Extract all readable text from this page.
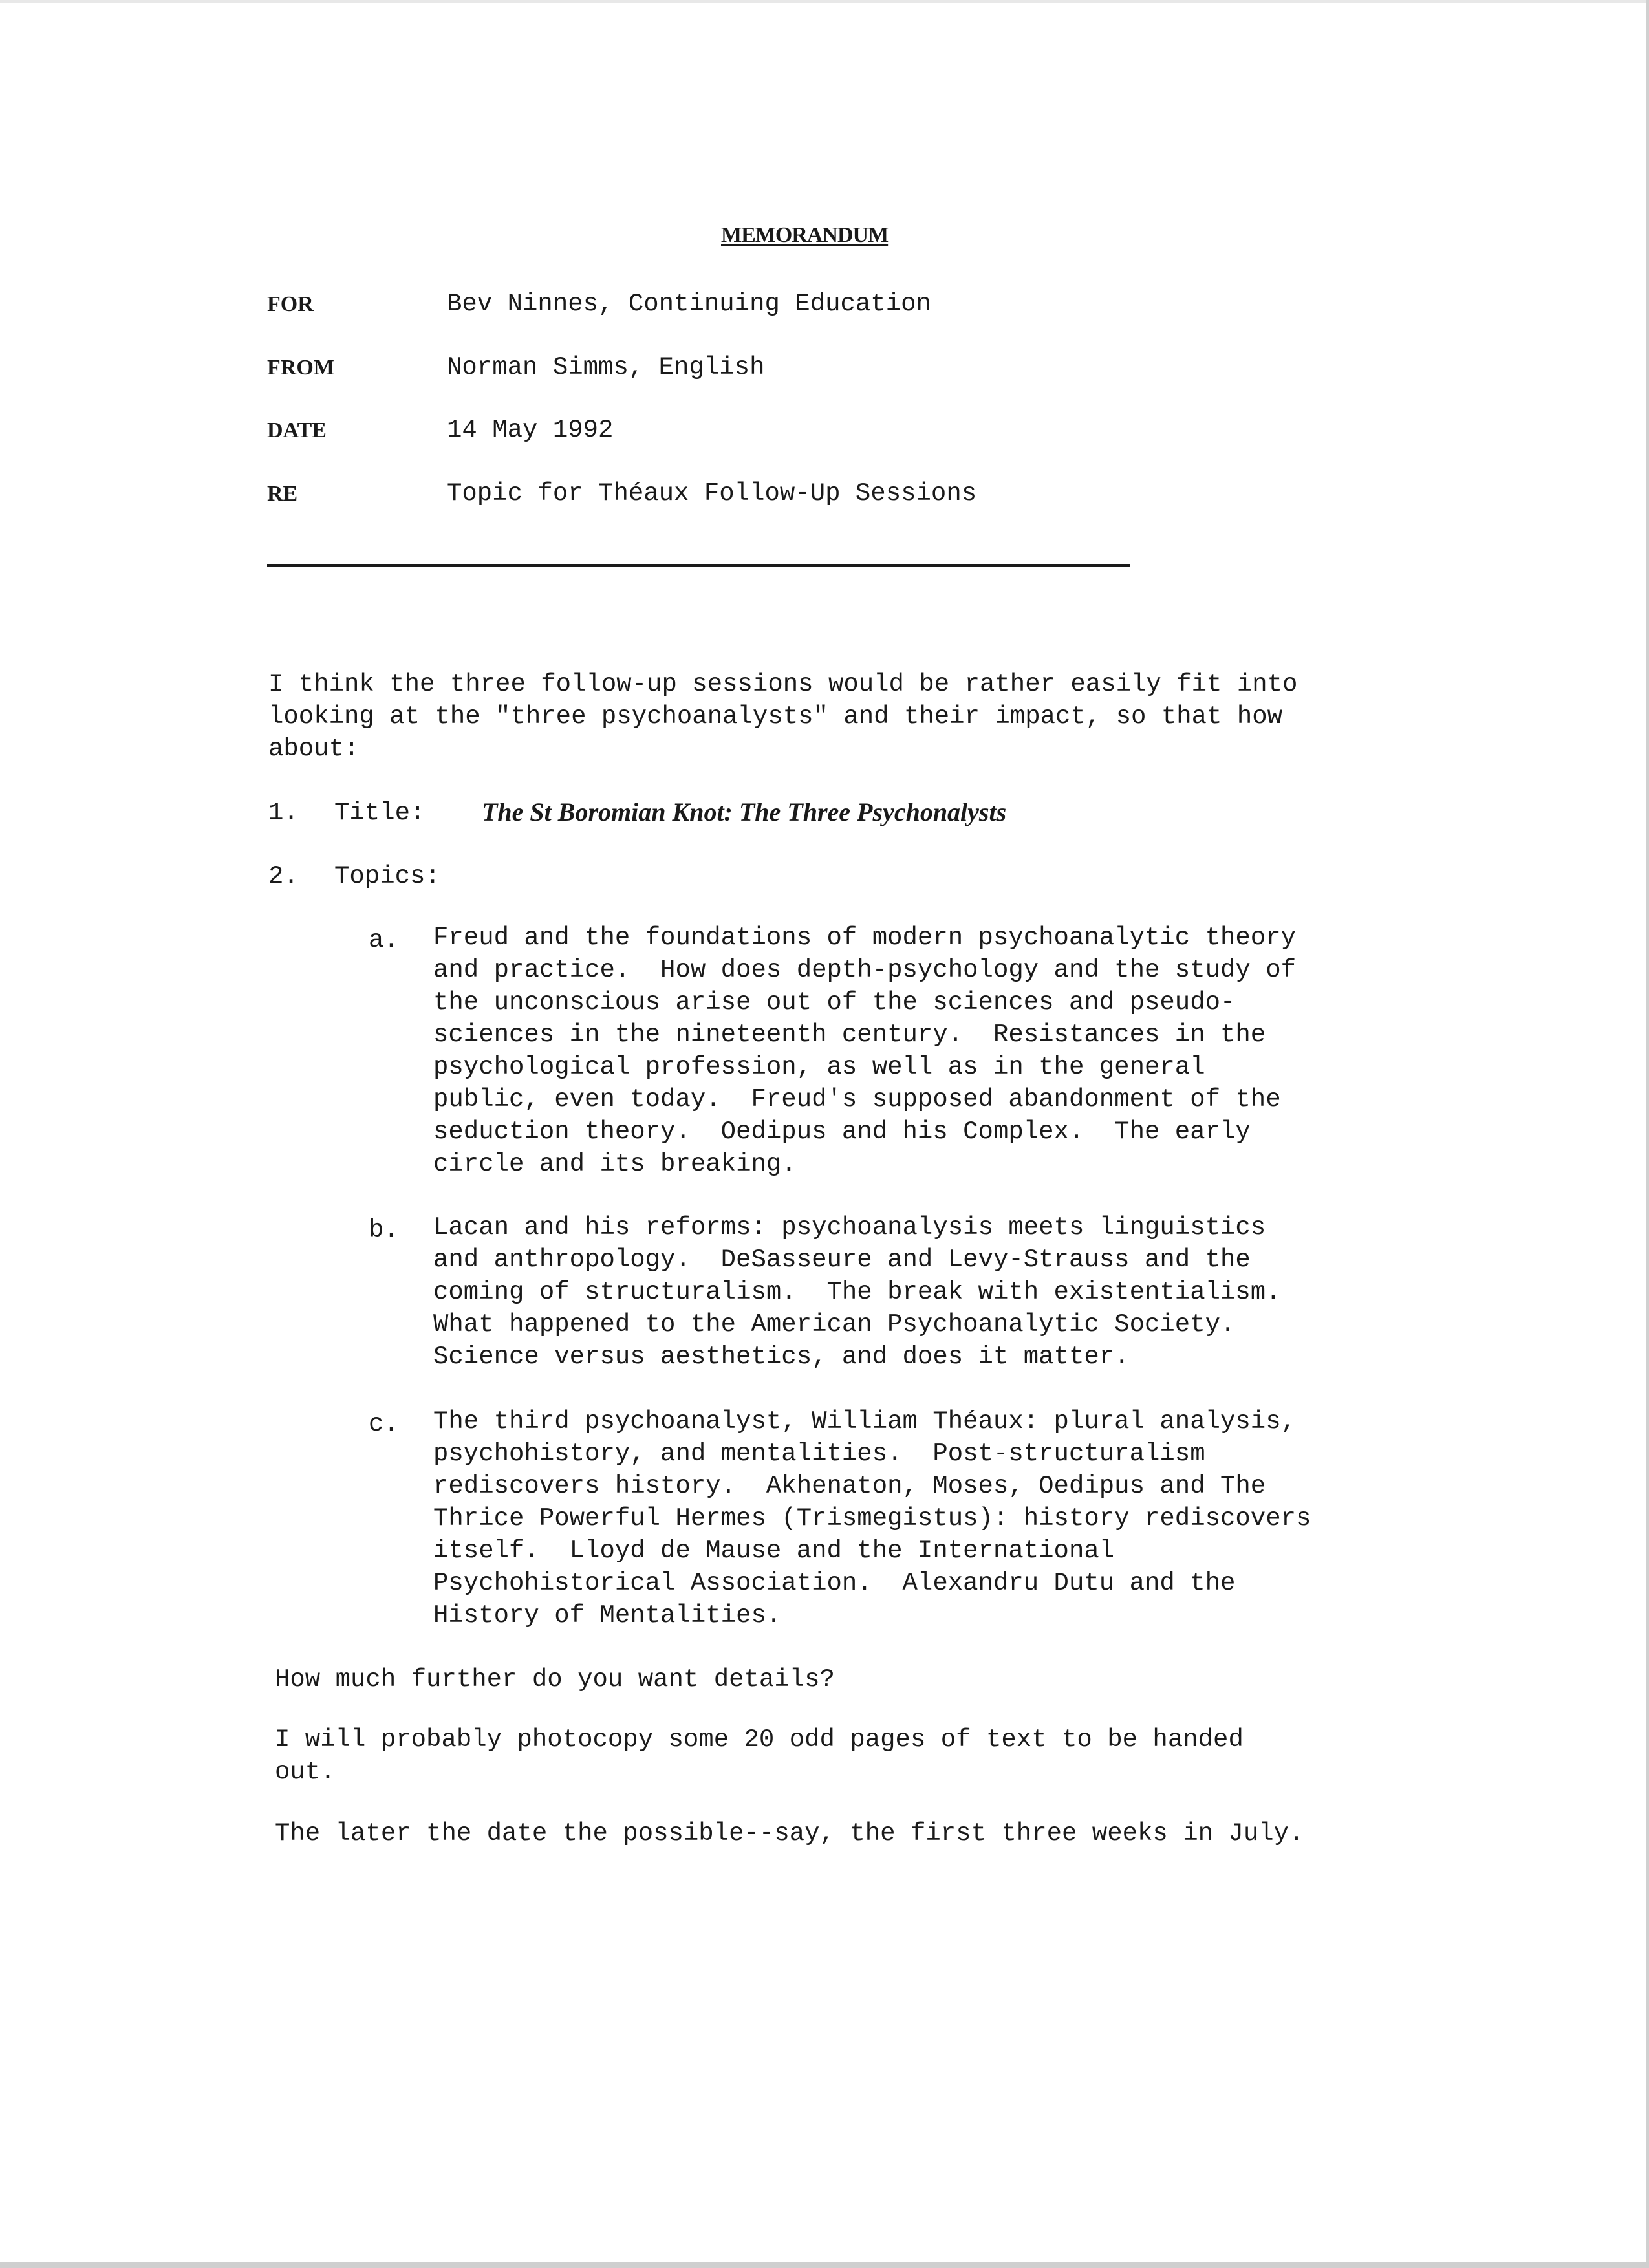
MEMORANDUM
FOR	Bev Ninnes, Continuing Education
FROM	Norman Simms, English
DATE	14 May 1992
RE	Topic for Théaux Follow-Up Sessions
I think the three follow-up sessions would be rather easily fit into
looking at the "three psychoanalysts" and their impact, so that how
about:
1. Title: The St Boromian Knot: The Three Psychonalysts
2. Topics:
a. Freud and the foundations of modern psychoanalytic theory
and practice.  How does depth-psychology and the study of
the unconscious arise out of the sciences and pseudo-
sciences in the nineteenth century.  Resistances in the
psychological profession, as well as in the general
public, even today.  Freud's supposed abandonment of the
seduction theory.  Oedipus and his Complex.  The early
circle and its breaking.
b. Lacan and his reforms: psychoanalysis meets linguistics
and anthropology.  DeSasseure and Levy-Strauss and the
coming of structuralism.  The break with existentialism.
What happened to the American Psychoanalytic Society.
Science versus aesthetics, and does it matter.
c. The third psychoanalyst, William Théaux: plural analysis,
psychohistory, and mentalities.  Post-structuralism
rediscovers history.  Akhenaton, Moses, Oedipus and The
Thrice Powerful Hermes (Trismegistus): history rediscovers
itself.  Lloyd de Mause and the International
Psychohistorical Association.  Alexandru Dutu and the
History of Mentalities.
How much further do you want details?
I will probably photocopy some 20 odd pages of text to be handed
out.
The later the date the possible--say, the first three weeks in July.
